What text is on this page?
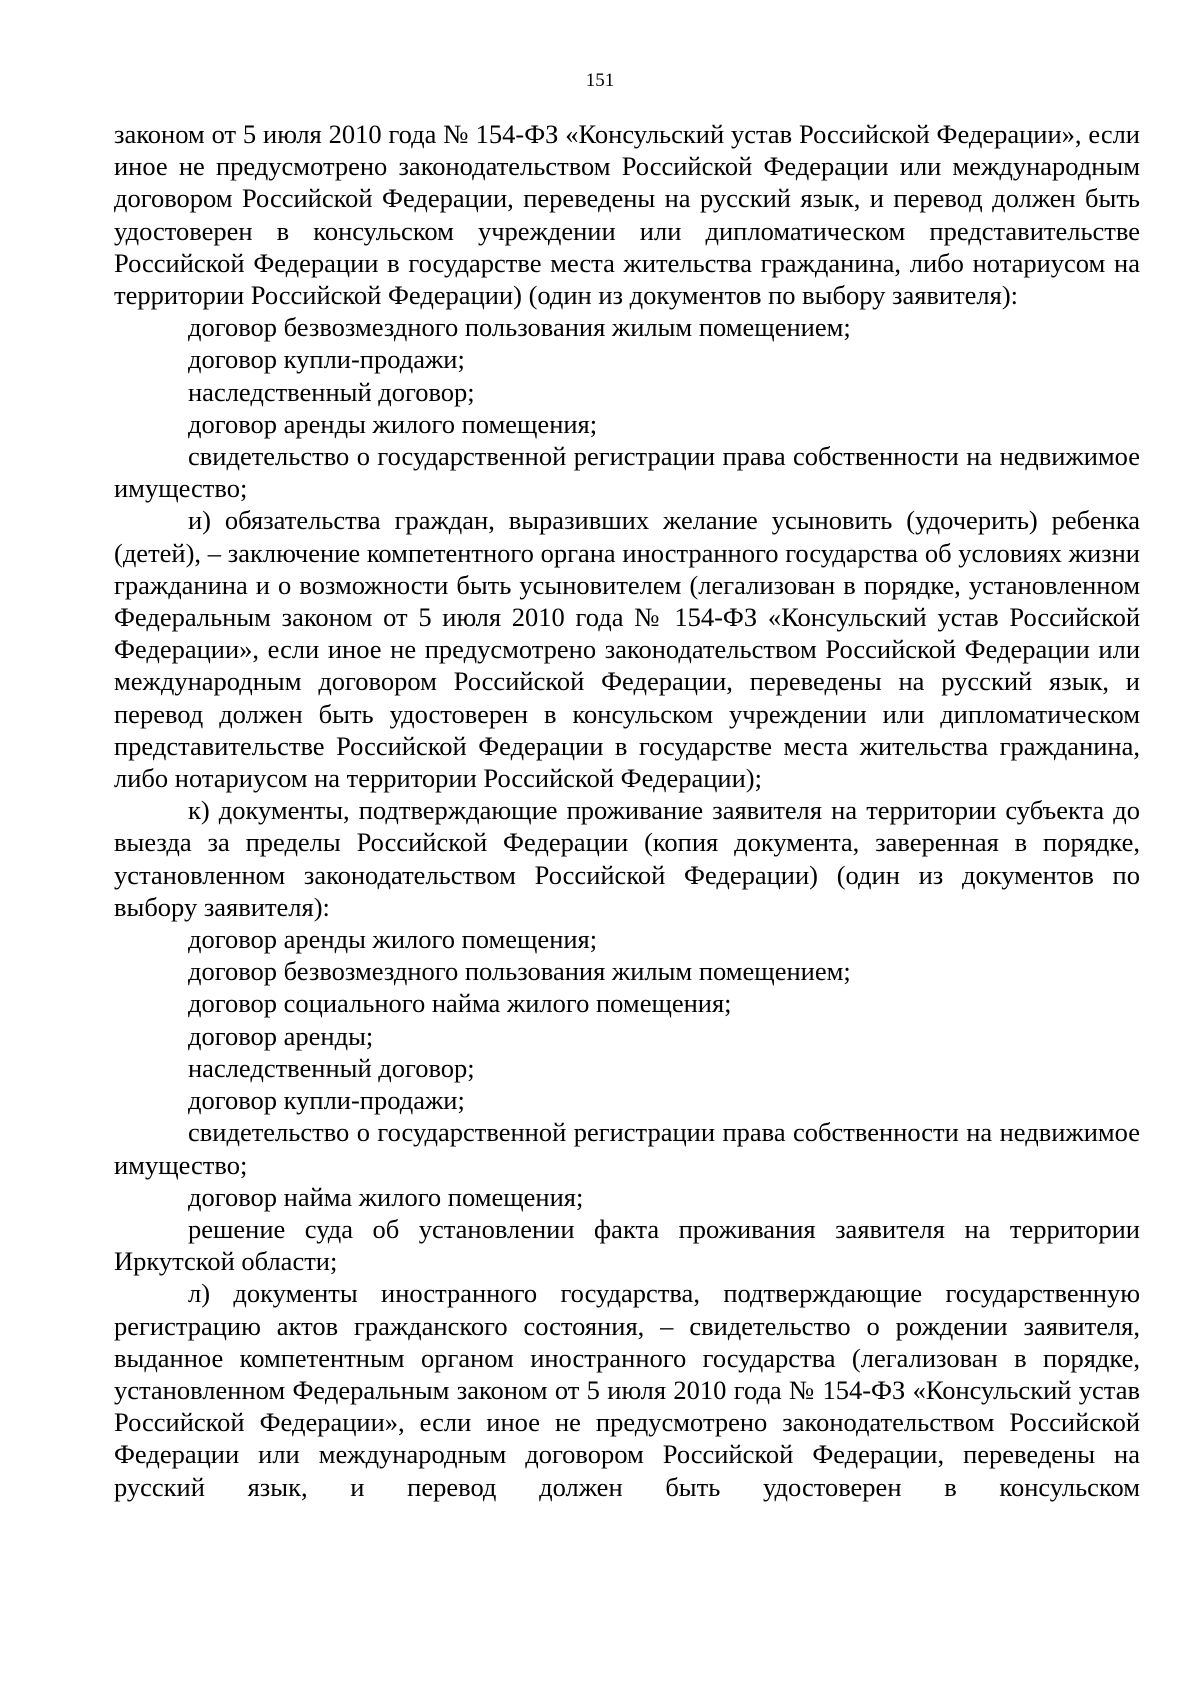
151

законом от 5 июля 2010 года № 154-ФЗ «Консульский устав Российской Федерации», если иное не предусмотрено законодательством Российской Федерации или международным договором Российской Федерации, переведены на русский язык, и перевод должен быть удостоверен в консульском учреждении или дипломатическом представительстве Российской Федерации в государстве места жительства гражданина, либо нотариусом на территории Российской Федерации) (один из документов по выбору заявителя):

договор безвозмездного пользования жилым помещением;

договор купли-продажи;

наследственный договор;

договор аренды жилого помещения;

свидетельство о государственной регистрации права собственности на недвижимое имущество;

и) обязательства граждан, выразивших желание усыновить (удочерить) ребенка (детей), – заключение компетентного органа иностранного государства об условиях жизни гражданина и о возможности быть усыновителем (легализован в порядке, установленном Федеральным законом от 5 июля 2010 года № 154-ФЗ «Консульский устав Российской Федерации», если иное не предусмотрено законодательством Российской Федерации или международным договором Российской Федерации, переведены на русский язык, и перевод должен быть удостоверен в консульском учреждении или дипломатическом представительстве Российской Федерации в государстве места жительства гражданина, либо нотариусом на территории Российской Федерации);

к) документы, подтверждающие проживание заявителя на территории субъекта до выезда за пределы Российской Федерации (копия документа, заверенная в порядке, установленном законодательством Российской Федерации) (один из документов по выбору заявителя):

договор аренды жилого помещения;

договор безвозмездного пользования жилым помещением;

договор социального найма жилого помещения;

договор аренды;

наследственный договор;

договор купли-продажи;

свидетельство о государственной регистрации права собственности на недвижимое имущество;

договор найма жилого помещения;

решение суда об установлении факта проживания заявителя на территории Иркутской области;

л) документы иностранного государства, подтверждающие государственную регистрацию актов гражданского состояния, – свидетельство о рождении заявителя, выданное компетентным органом иностранного государства (легализован в порядке, установленном Федеральным законом от 5 июля 2010 года № 154-ФЗ «Консульский устав Российской Федерации», если иное не предусмотрено законодательством Российской Федерации или международным договором Российской Федерации, переведены на русский язык, и перевод должен быть удостоверен в консульском
